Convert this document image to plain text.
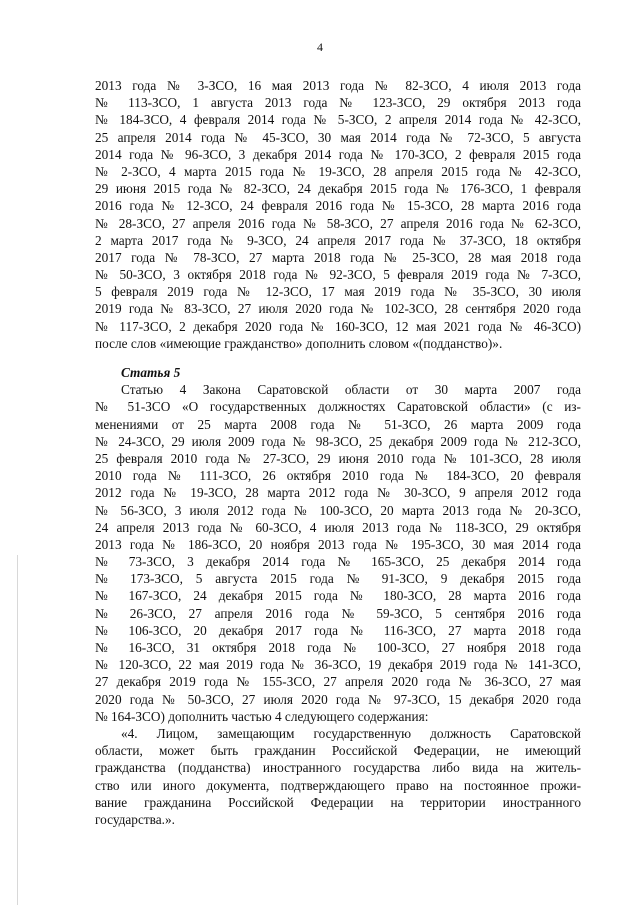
4
2013 года № 3-ЗСО, 16 мая 2013 года № 82-ЗСО, 4 июля 2013 года
№ 113-ЗСО, 1 августа 2013 года № 123-ЗСО, 29 октября 2013 года
№ 184-ЗСО, 4 февраля 2014 года № 5-ЗСО, 2 апреля 2014 года № 42-ЗСО,
25 апреля 2014 года № 45-ЗСО, 30 мая 2014 года № 72-ЗСО, 5 августа
2014 года № 96-ЗСО, 3 декабря 2014 года № 170-ЗСО, 2 февраля 2015 года
№ 2-ЗСО, 4 марта 2015 года № 19-ЗСО, 28 апреля 2015 года № 42-ЗСО,
29 июня 2015 года № 82-ЗСО, 24 декабря 2015 года № 176-ЗСО, 1 февраля
2016 года № 12-ЗСО, 24 февраля 2016 года № 15-ЗСО, 28 марта 2016 года
№ 28-ЗСО, 27 апреля 2016 года № 58-ЗСО, 27 апреля 2016 года № 62-ЗСО,
2 марта 2017 года № 9-ЗСО, 24 апреля 2017 года № 37-ЗСО, 18 октября
2017 года № 78-ЗСО, 27 марта 2018 года № 25-ЗСО, 28 мая 2018 года
№ 50-ЗСО, 3 октября 2018 года № 92-ЗСО, 5 февраля 2019 года № 7-ЗСО,
5 февраля 2019 года № 12-ЗСО, 17 мая 2019 года № 35-ЗСО, 30 июля
2019 года № 83-ЗСО, 27 июля 2020 года № 102-ЗСО, 28 сентября 2020 года
№ 117-ЗСО, 2 декабря 2020 года № 160-ЗСО, 12 мая 2021 года № 46-ЗСО)
после слов «имеющие гражданство» дополнить словом «(подданство)».
Статья 5
Статью 4 Закона Саратовской области от 30 марта 2007 года
№ 51-ЗСО «О государственных должностях Саратовской области» (с из-
менениями от 25 марта 2008 года № 51-ЗСО, 26 марта 2009 года
№ 24-ЗСО, 29 июля 2009 года № 98-ЗСО, 25 декабря 2009 года № 212-ЗСО,
25 февраля 2010 года № 27-ЗСО, 29 июня 2010 года № 101-ЗСО, 28 июля
2010 года № 111-ЗСО, 26 октября 2010 года № 184-ЗСО, 20 февраля
2012 года № 19-ЗСО, 28 марта 2012 года № 30-ЗСО, 9 апреля 2012 года
№ 56-ЗСО, 3 июля 2012 года № 100-ЗСО, 20 марта 2013 года № 20-ЗСО,
24 апреля 2013 года № 60-ЗСО, 4 июля 2013 года № 118-ЗСО, 29 октября
2013 года № 186-ЗСО, 20 ноября 2013 года № 195-ЗСО, 30 мая 2014 года
№ 73-ЗСО, 3 декабря 2014 года № 165-ЗСО, 25 декабря 2014 года
№ 173-ЗСО, 5 августа 2015 года № 91-ЗСО, 9 декабря 2015 года
№ 167-ЗСО, 24 декабря 2015 года № 180-ЗСО, 28 марта 2016 года
№ 26-ЗСО, 27 апреля 2016 года № 59-ЗСО, 5 сентября 2016 года
№ 106-ЗСО, 20 декабря 2017 года № 116-ЗСО, 27 марта 2018 года
№ 16-ЗСО, 31 октября 2018 года № 100-ЗСО, 27 ноября 2018 года
№ 120-ЗСО, 22 мая 2019 года № 36-ЗСО, 19 декабря 2019 года № 141-ЗСО,
27 декабря 2019 года № 155-ЗСО, 27 апреля 2020 года № 36-ЗСО, 27 мая
2020 года № 50-ЗСО, 27 июля 2020 года № 97-ЗСО, 15 декабря 2020 года
№ 164-ЗСО) дополнить частью 4 следующего содержания:
«4. Лицом, замещающим государственную должность Саратовской
области, может быть гражданин Российской Федерации, не имеющий
гражданства (подданства) иностранного государства либо вида на житель-
ство или иного документа, подтверждающего право на постоянное прожи-
вание гражданина Российской Федерации на территории иностранного
государства.».
